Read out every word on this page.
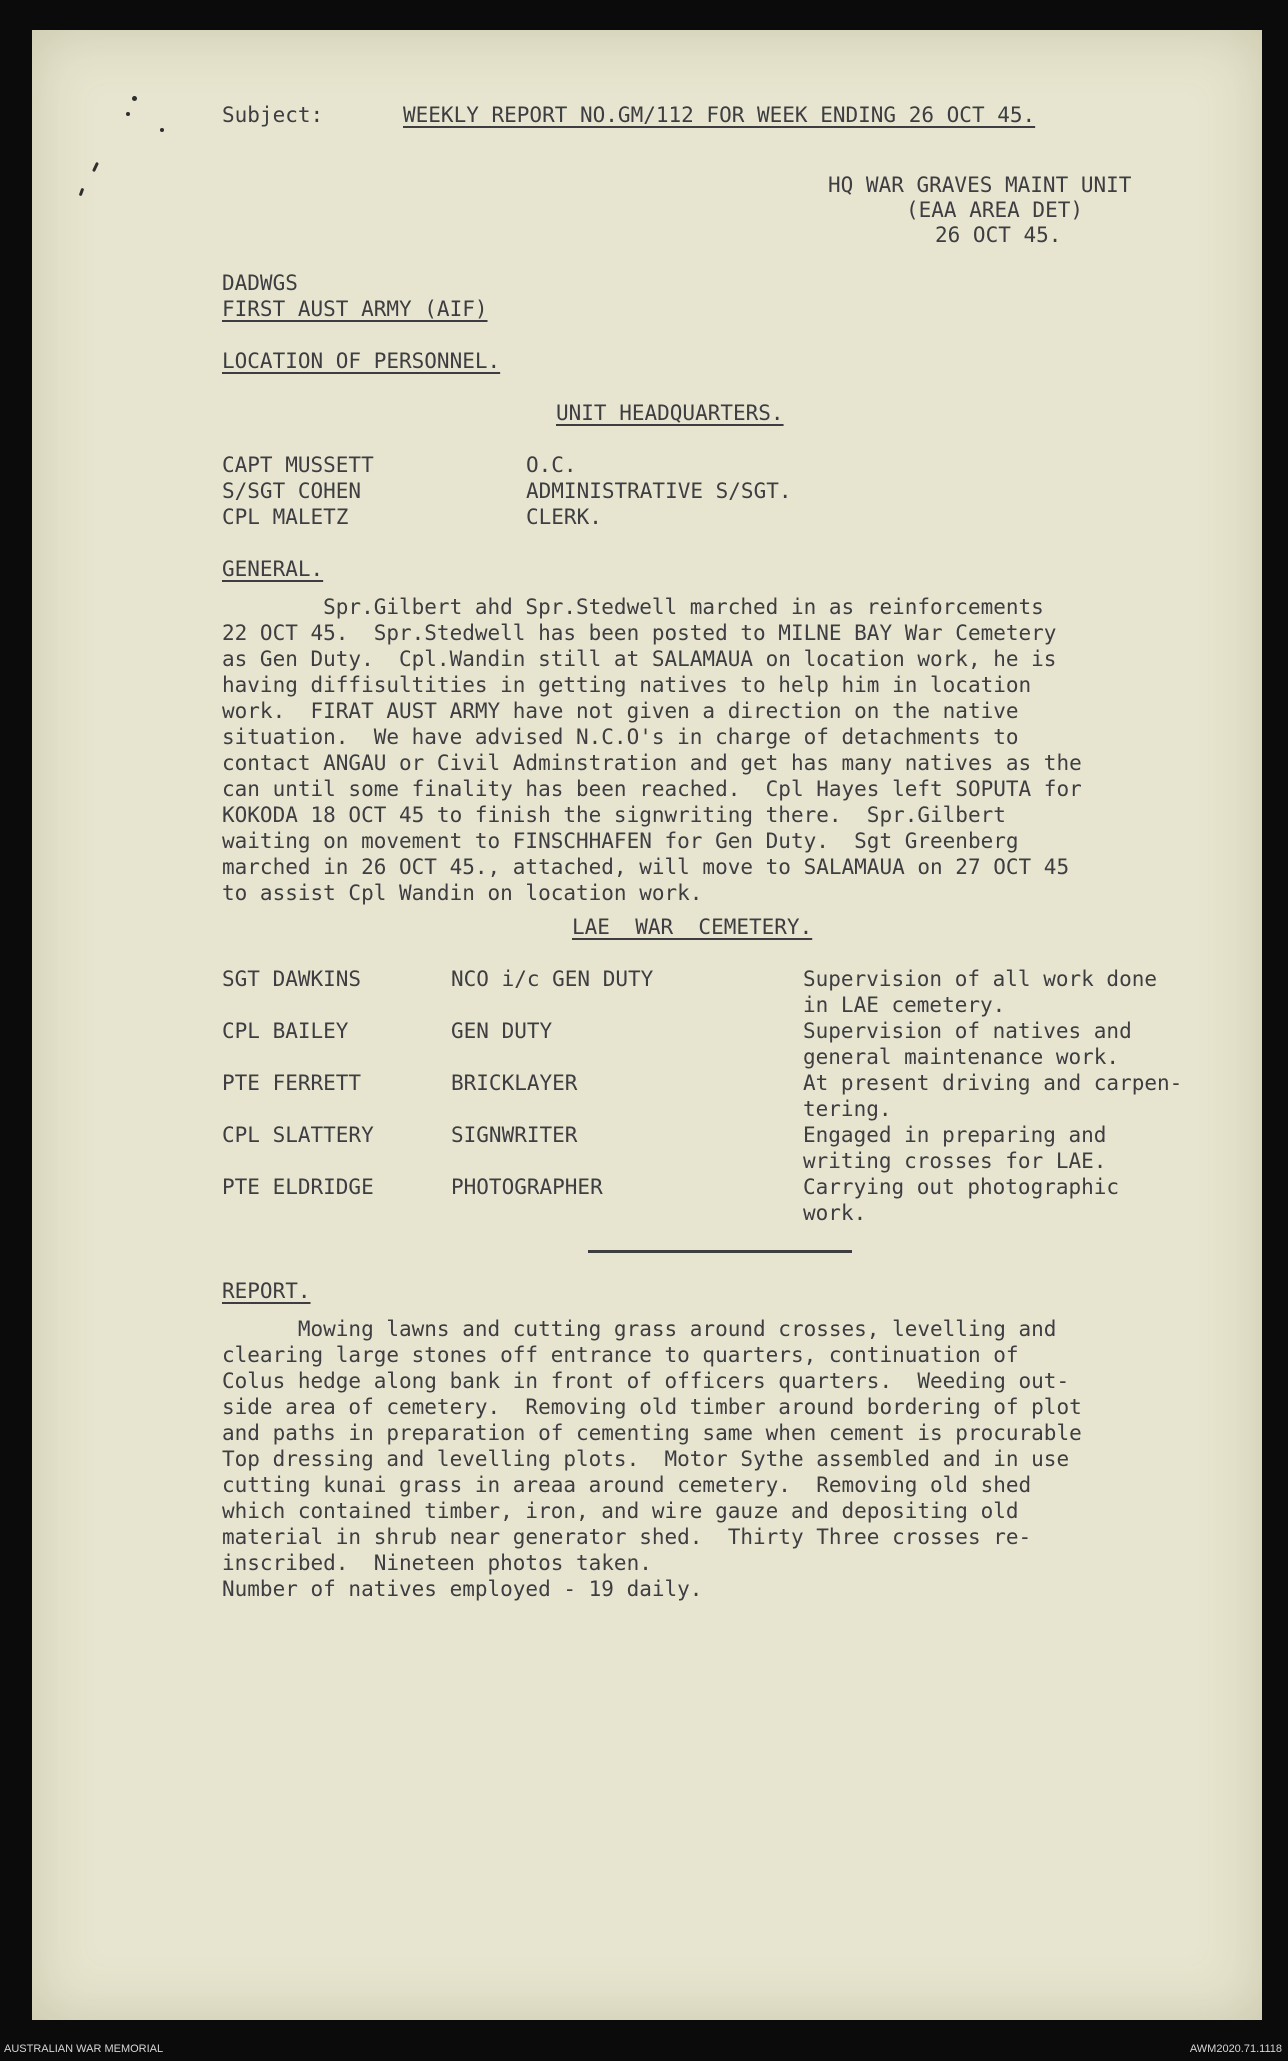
Subject:	WEEKLY REPORT NO.GM/112 FOR WEEK ENDING 26 OCT 45.
HQ WAR GRAVES MAINT UNIT
(EAA AREA DET)
26 OCT 45.
DADWGS
FIRST AUST ARMY (AIF)
LOCATION OF PERSONNEL.
UNIT HEADQUARTERS.
CAPT MUSSETT	O.C.
S/SGT COHEN	ADMINISTRATIVE S/SGT.
CPL MALETZ	CLERK.
GENERAL.
Spr.Gilbert ahd Spr.Stedwell marched in as reinforcements
22 OCT 45.  Spr.Stedwell has been posted to MILNE BAY War Cemetery
as Gen Duty.  Cpl.Wandin still at SALAMAUA on location work, he is
having diffisultities in getting natives to help him in location
work.  FIRAT AUST ARMY have not given a direction on the native
situation.  We have advised N.C.O's in charge of detachments to
contact ANGAU or Civil Adminstration and get has many natives as the
can until some finality has been reached.  Cpl Hayes left SOPUTA for
KOKODA 18 OCT 45 to finish the signwriting there.  Spr.Gilbert
waiting on movement to FINSCHHAFEN for Gen Duty.  Sgt Greenberg
marched in 26 OCT 45., attached, will move to SALAMAUA on 27 OCT 45
to assist Cpl Wandin on location work.
LAE  WAR  CEMETERY.
SGT DAWKINS	NCO i/c GEN DUTY	Supervision of all work done
in LAE cemetery.
CPL BAILEY	GEN DUTY	Supervision of natives and
general maintenance work.
PTE FERRETT	BRICKLAYER	At present driving and carpen-
tering.
CPL SLATTERY	SIGNWRITER	Engaged in preparing and
writing crosses for LAE.
PTE ELDRIDGE	PHOTOGRAPHER	Carrying out photographic
work.
REPORT.
Mowing lawns and cutting grass around crosses, levelling and
clearing large stones off entrance to quarters, continuation of
Colus hedge along bank in front of officers quarters.  Weeding out-
side area of cemetery.  Removing old timber around bordering of plot
and paths in preparation of cementing same when cement is procurable
Top dressing and levelling plots.  Motor Sythe assembled and in use
cutting kunai grass in areaa around cemetery.  Removing old shed
which contained timber, iron, and wire gauze and depositing old
material in shrub near generator shed.  Thirty Three crosses re-
inscribed.  Nineteen photos taken.
Number of natives employed - 19 daily.
AUSTRALIAN WAR MEMORIAL	AWM2020.71.1118
